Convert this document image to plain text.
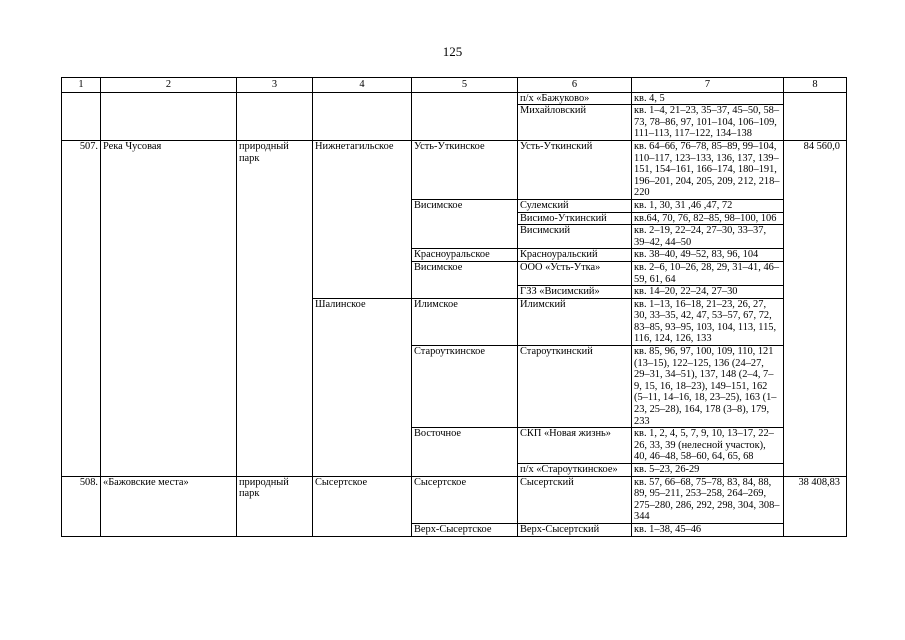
125
1	2	3	4	5	6	7	8
					п/х «Бажуково»	кв. 4, 5	
					Михайловский	кв. 1–4, 21–23, 35–37, 45–50, 58–73, 78–86, 97, 101–104, 106–109, 111–113, 117–122, 134–138	
507.	Река Чусовая	природный парк	Нижнетагильское	Усть-Уткинское	Усть-Уткинский	кв. 64–66, 76–78, 85–89, 99–104, 110–117, 123–133, 136, 137, 139–151, 154–161, 166–174, 180–191, 196–201, 204, 205, 209, 212, 218–220	84 560,0
				Висимское	Сулемский	кв. 1, 30, 31 ,46 ,47, 72	
					Висимо-Уткинский	кв.64, 70, 76, 82–85, 98–100, 106	
					Висимский	кв. 2–19, 22–24, 27–30, 33–37, 39–42, 44–50	
				Красноуральское	Красноуральский	кв. 38–40, 49–52, 83, 96, 104	
				Висимское	ООО «Усть-Утка»	кв. 2–6, 10–26, 28, 29, 31–41, 46–59, 61, 64	
					ГЗЗ «Висимский»	кв. 14–20, 22–24, 27–30	
			Шалинское	Илимское	Илимский	кв. 1–13, 16–18, 21–23, 26, 27, 30, 33–35, 42, 47, 53–57, 67, 72, 83–85, 93–95, 103, 104, 113, 115, 116, 124, 126, 133	
				Староуткинское	Староуткинский	кв. 85, 96, 97, 100, 109, 110, 121 (13–15), 122–125, 136 (24–27, 29–31, 34–51), 137, 148 (2–4, 7–9, 15, 16, 18–23), 149–151, 162 (5–11, 14–16, 18, 23–25), 163 (1–23, 25–28), 164, 178 (3–8), 179, 233	
				Восточное	СКП «Новая жизнь»	кв. 1, 2, 4, 5, 7, 9, 10, 13–17, 22–26, 33, 39 (нелесной участок), 40, 46–48, 58–60, 64, 65, 68	
					п/х «Староуткинское»	кв. 5–23, 26-29	
508.	«Бажовские места»	природный парк	Сысертское	Сысертское	Сысертский	кв. 57, 66–68, 75–78, 83, 84, 88, 89, 95–211, 253–258, 264–269, 275–280, 286, 292, 298, 304, 308–344	38 408,83
				Верх-Сысертское	Верх-Сысертский	кв. 1–38, 45–46	
